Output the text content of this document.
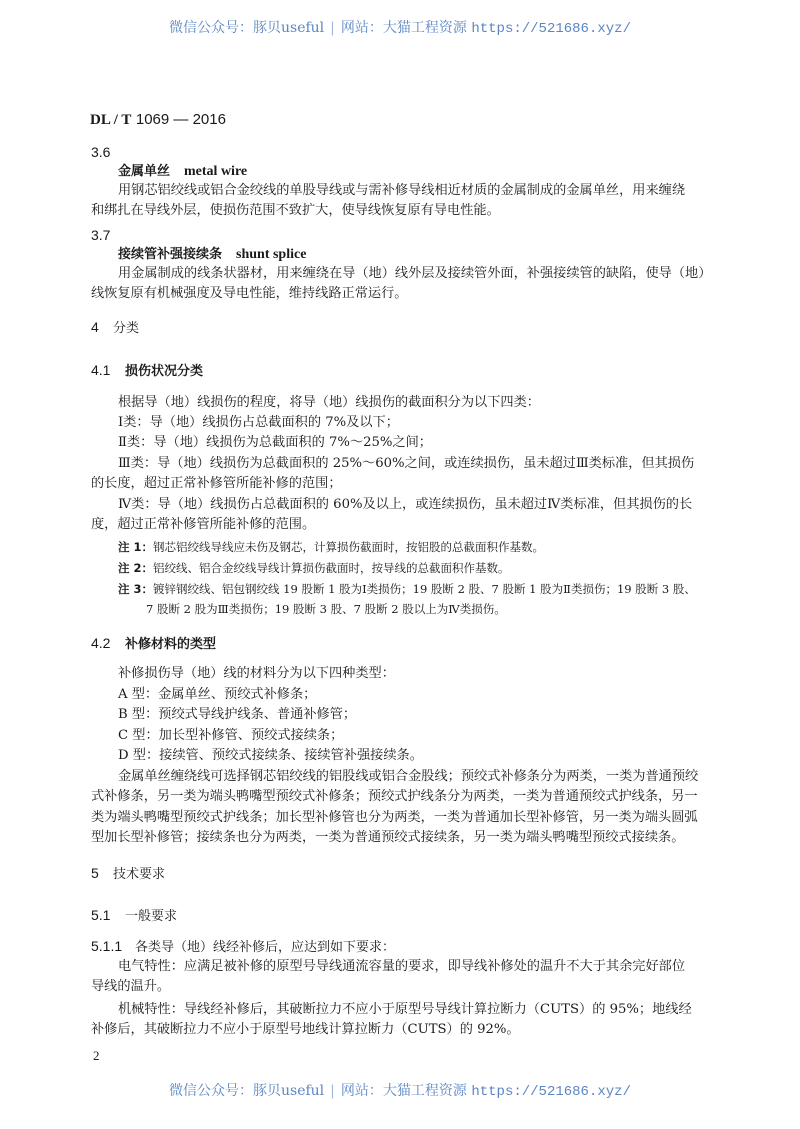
微信公众号：豚贝useful | 网站：大猫工程资源 https://521686.xyz/
DL / T 1069 — 2016
3.6
金属单丝 metal wire
用钢芯铝绞线或铝合金绞线的单股导线或与需补修导线相近材质的金属制成的金属单丝，用来缠绕
和绑扎在导线外层，使损伤范围不致扩大，使导线恢复原有导电性能。
3.7
接续管补强接续条 shunt splice
用金属制成的线条状器材，用来缠绕在导（地）线外层及接续管外面，补强接续管的缺陷，使导（地）
线恢复原有机械强度及导电性能，维持线路正常运行。
4 分类
4.1 损伤状况分类
根据导（地）线损伤的程度，将导（地）线损伤的截面积分为以下四类：
Ⅰ类：导（地）线损伤占总截面积的 7%及以下；
Ⅱ类：导（地）线损伤为总截面积的 7%～25%之间；
Ⅲ类：导（地）线损伤为总截面积的 25%～60%之间，或连续损伤，虽未超过Ⅲ类标准，但其损伤
的长度，超过正常补修管所能补修的范围；
Ⅳ类：导（地）线损伤占总截面积的 60%及以上，或连续损伤，虽未超过Ⅳ类标准，但其损伤的长
度，超过正常补修管所能补修的范围。
注 1：钢芯铝绞线导线应未伤及钢芯，计算损伤截面时，按铝股的总截面积作基数。
注 2：铝绞线、铝合金绞线导线计算损伤截面时，按导线的总截面积作基数。
注 3：镀锌钢绞线、铝包钢绞线 19 股断 1 股为Ⅰ类损伤；19 股断 2 股、7 股断 1 股为Ⅱ类损伤；19 股断 3 股、
7 股断 2 股为Ⅲ类损伤；19 股断 3 股、7 股断 2 股以上为Ⅳ类损伤。
4.2 补修材料的类型
补修损伤导（地）线的材料分为以下四种类型：
A 型：金属单丝、预绞式补修条；
B 型：预绞式导线护线条、普通补修管；
C 型：加长型补修管、预绞式接续条；
D 型：接续管、预绞式接续条、接续管补强接续条。
金属单丝缠绕线可选择钢芯铝绞线的铝股线或铝合金股线；预绞式补修条分为两类，一类为普通预绞
式补修条，另一类为端头鸭嘴型预绞式补修条；预绞式护线条分为两类，一类为普通预绞式护线条，另一
类为端头鸭嘴型预绞式护线条；加长型补修管也分为两类，一类为普通加长型补修管，另一类为端头圆弧
型加长型补修管；接续条也分为两类，一类为普通预绞式接续条，另一类为端头鸭嘴型预绞式接续条。
5 技术要求
5.1 一般要求
5.1.1 各类导（地）线经补修后，应达到如下要求：
电气特性：应满足被补修的原型号导线通流容量的要求，即导线补修处的温升不大于其余完好部位
导线的温升。
机械特性：导线经补修后，其破断拉力不应小于原型号导线计算拉断力（CUTS）的 95%；地线经
补修后，其破断拉力不应小于原型号地线计算拉断力（CUTS）的 92%。
2
微信公众号：豚贝useful | 网站：大猫工程资源 https://521686.xyz/
